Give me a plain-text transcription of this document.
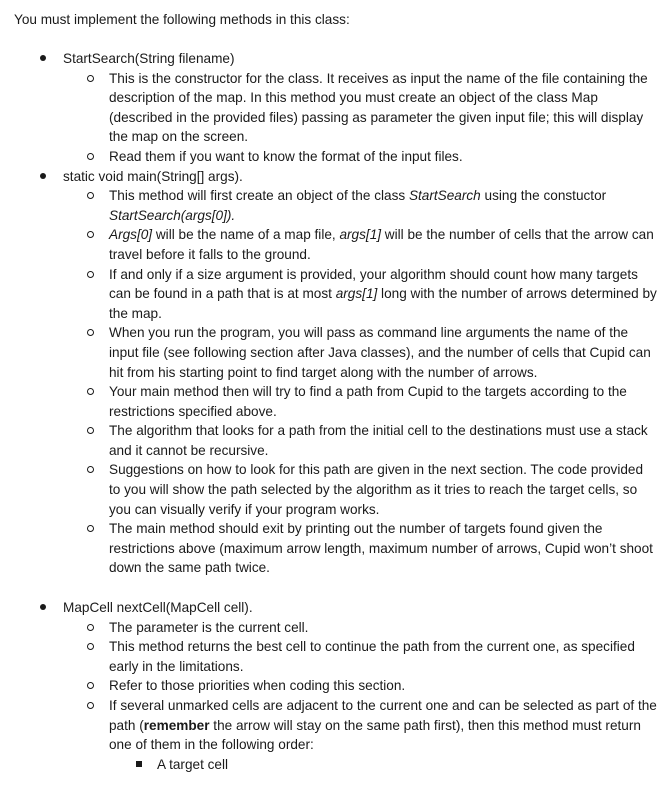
You must implement the following methods in this class:

StartSearch(String filename)
This is the constructor for the class. It receives as input the name of the file containing the description of the map. In this method you must create an object of the class Map (described in the provided files) passing as parameter the given input file; this will display the map on the screen.
Read them if you want to know the format of the input files.
static void main(String[] args).
This method will first create an object of the class StartSearch using the constuctor StartSearch(args[0]).
Args[0] will be the name of a map file, args[1] will be the number of cells that the arrow can travel before it falls to the ground.
If and only if a size argument is provided, your algorithm should count how many targets can be found in a path that is at most args[1] long with the number of arrows determined by the map.
When you run the program, you will pass as command line arguments the name of the input file (see following section after Java classes), and the number of cells that Cupid can hit from his starting point to find target along with the number of arrows.
Your main method then will try to find a path from Cupid to the targets according to the restrictions specified above.
The algorithm that looks for a path from the initial cell to the destinations must use a stack and it cannot be recursive.
Suggestions on how to look for this path are given in the next section. The code provided to you will show the path selected by the algorithm as it tries to reach the target cells, so you can visually verify if your program works.
The main method should exit by printing out the number of targets found given the restrictions above (maximum arrow length, maximum number of arrows, Cupid won’t shoot down the same path twice.
MapCell nextCell(MapCell cell).
The parameter is the current cell.
This method returns the best cell to continue the path from the current one, as specified early in the limitations.
Refer to those priorities when coding this section.
If several unmarked cells are adjacent to the current one and can be selected as part of the path (remember the arrow will stay on the same path first), then this method must return one of them in the following order:
A target cell
